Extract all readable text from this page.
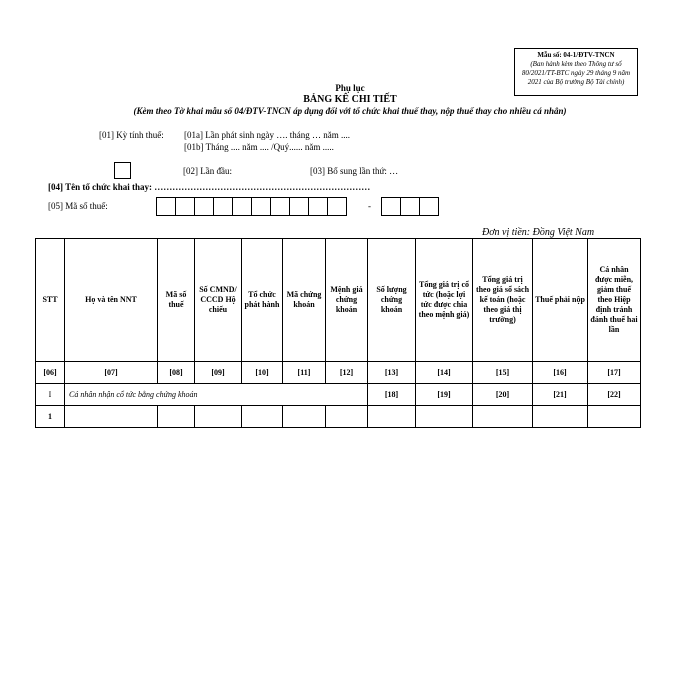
Mẫu số: 04-1/ĐTV-TNCN
(Ban hành kèm theo Thông tư số 80/2021/TT-BTC ngày 29 tháng 9 năm 2021 của Bộ trưởng Bộ Tài chính)
Phụ lục
BẢNG KÊ CHI TIẾT
(Kèm theo Tờ khai mẫu số 04/ĐTV-TNCN áp dụng đối với tổ chức khai thuế thay, nộp thuế thay cho nhiều cá nhân)
[01] Kỳ tính thuế: [01a] Lần phát sinh ngày …. tháng … năm ....
[01b] Tháng .... năm .... /Quý...... năm .....
[02] Lần đầu:	[03] Bổ sung lần thứ: …
[04] Tên tổ chức khai thay: ………………………………………………………………
[05] Mã số thuế:	-
Đơn vị tiền: Đồng Việt Nam
STT	Họ và tên NNT	Mã số thuế	Số CMND/ CCCD Hộ chiếu	Tổ chức phát hành	Mã chứng khoán	Mệnh giá chứng khoán	Số lượng chứng khoán	Tổng giá trị cổ tức (hoặc lợi tức được chia theo mệnh giá)	Tổng giá trị theo giá sổ sách kế toán (hoặc theo giá thị trường)	Thuế phải nộp	Cá nhân được miễn, giảm thuế theo Hiệp định tránh đánh thuế hai lần
[06]	[07]	[08]	[09]	[10]	[11]	[12]	[13]	[14]	[15]	[16]	[17]
I	Cá nhân nhận cổ tức bằng chứng khoán						[18]	[19]	[20]	[21]	[22]
1											
